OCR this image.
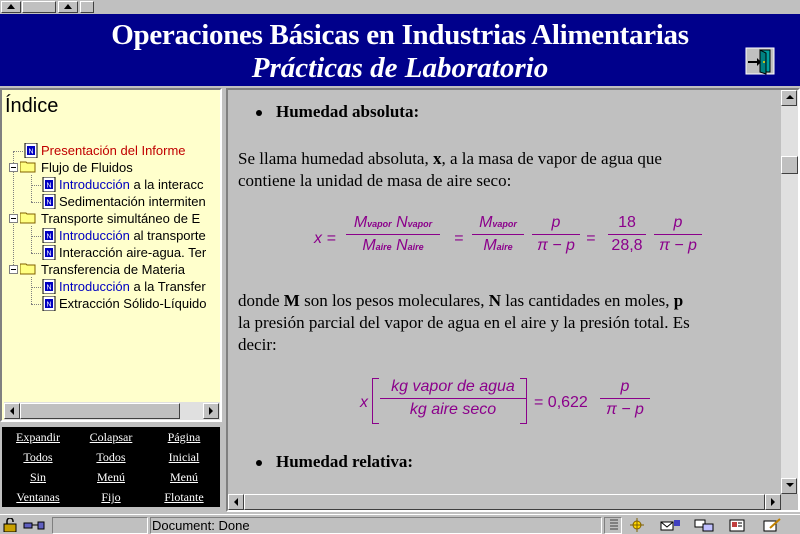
Operaciones Básicas en Industrias Alimentarias
Prácticas de Laboratorio
Índice
N Presentación del Informe
Flujo de Fluidos
N Introducción a la interacc
N Sedimentación intermiten
Transporte simultáneo de E
N Introducción al transporte
N Interacción aire-agua. Ter
Transferencia de Materia
N Introducción a la Transfer
N Extracción Sólido-Líquido
Expandir
Todos
Colapsar
Todos
Página
Inicial
Sin
Ventanas
Menú
Fijo
Menú
Flotante
Humedad absoluta:
Se llama humedad absoluta, x, a la masa de vapor de agua que
contiene la unidad de masa de aire seco:
x =
Mvapor Nvapor
Maire Naire	=
Mvapor
Maire
p
π − p =
18
28,8
p
π − p
donde M son los pesos moleculares, N las cantidades en moles, p
la presión parcial del vapor de agua en el aire y la presión total. Es
decir:
x
kg vapor de agua
kg aire seco	= 0,622
p
π − p
Humedad relativa:
Document: Done
